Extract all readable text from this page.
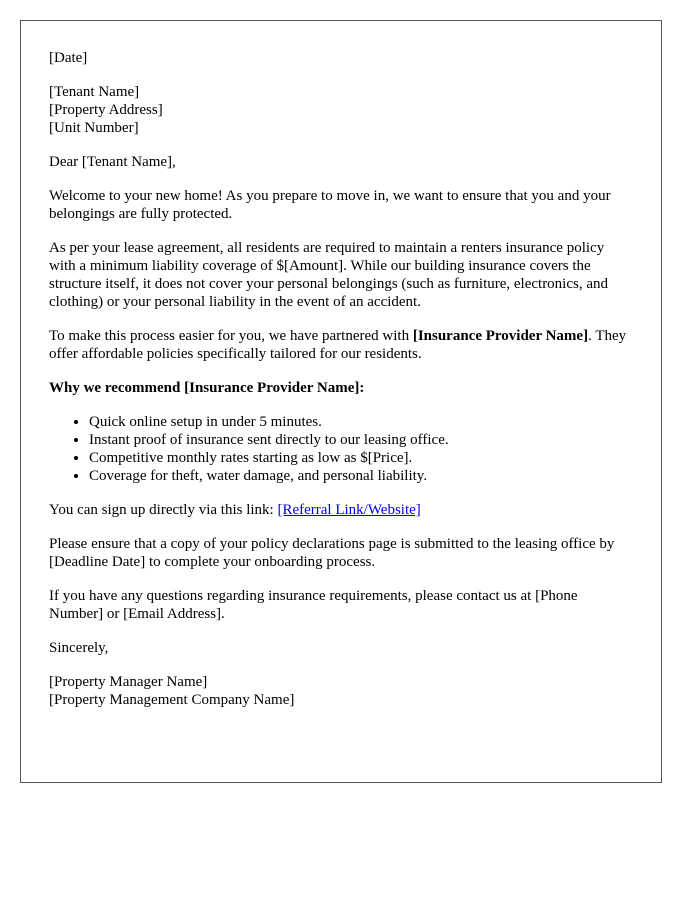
[Date]

[Tenant Name]
[Property Address]
[Unit Number]

Dear [Tenant Name],

Welcome to your new home! As you prepare to move in, we want to ensure that you and your belongings are fully protected.

As per your lease agreement, all residents are required to maintain a renters insurance policy with a minimum liability coverage of $[Amount]. While our building insurance covers the structure itself, it does not cover your personal belongings (such as furniture, electronics, and clothing) or your personal liability in the event of an accident.

To make this process easier for you, we have partnered with [Insurance Provider Name]. They offer affordable policies specifically tailored for our residents.

Why we recommend [Insurance Provider Name]:

• Quick online setup in under 5 minutes.
• Instant proof of insurance sent directly to our leasing office.
• Competitive monthly rates starting as low as $[Price].
• Coverage for theft, water damage, and personal liability.

You can sign up directly via this link: [Referral Link/Website]

Please ensure that a copy of your policy declarations page is submitted to the leasing office by [Deadline Date] to complete your onboarding process.

If you have any questions regarding insurance requirements, please contact us at [Phone Number] or [Email Address].

Sincerely,

[Property Manager Name]
[Property Management Company Name]
